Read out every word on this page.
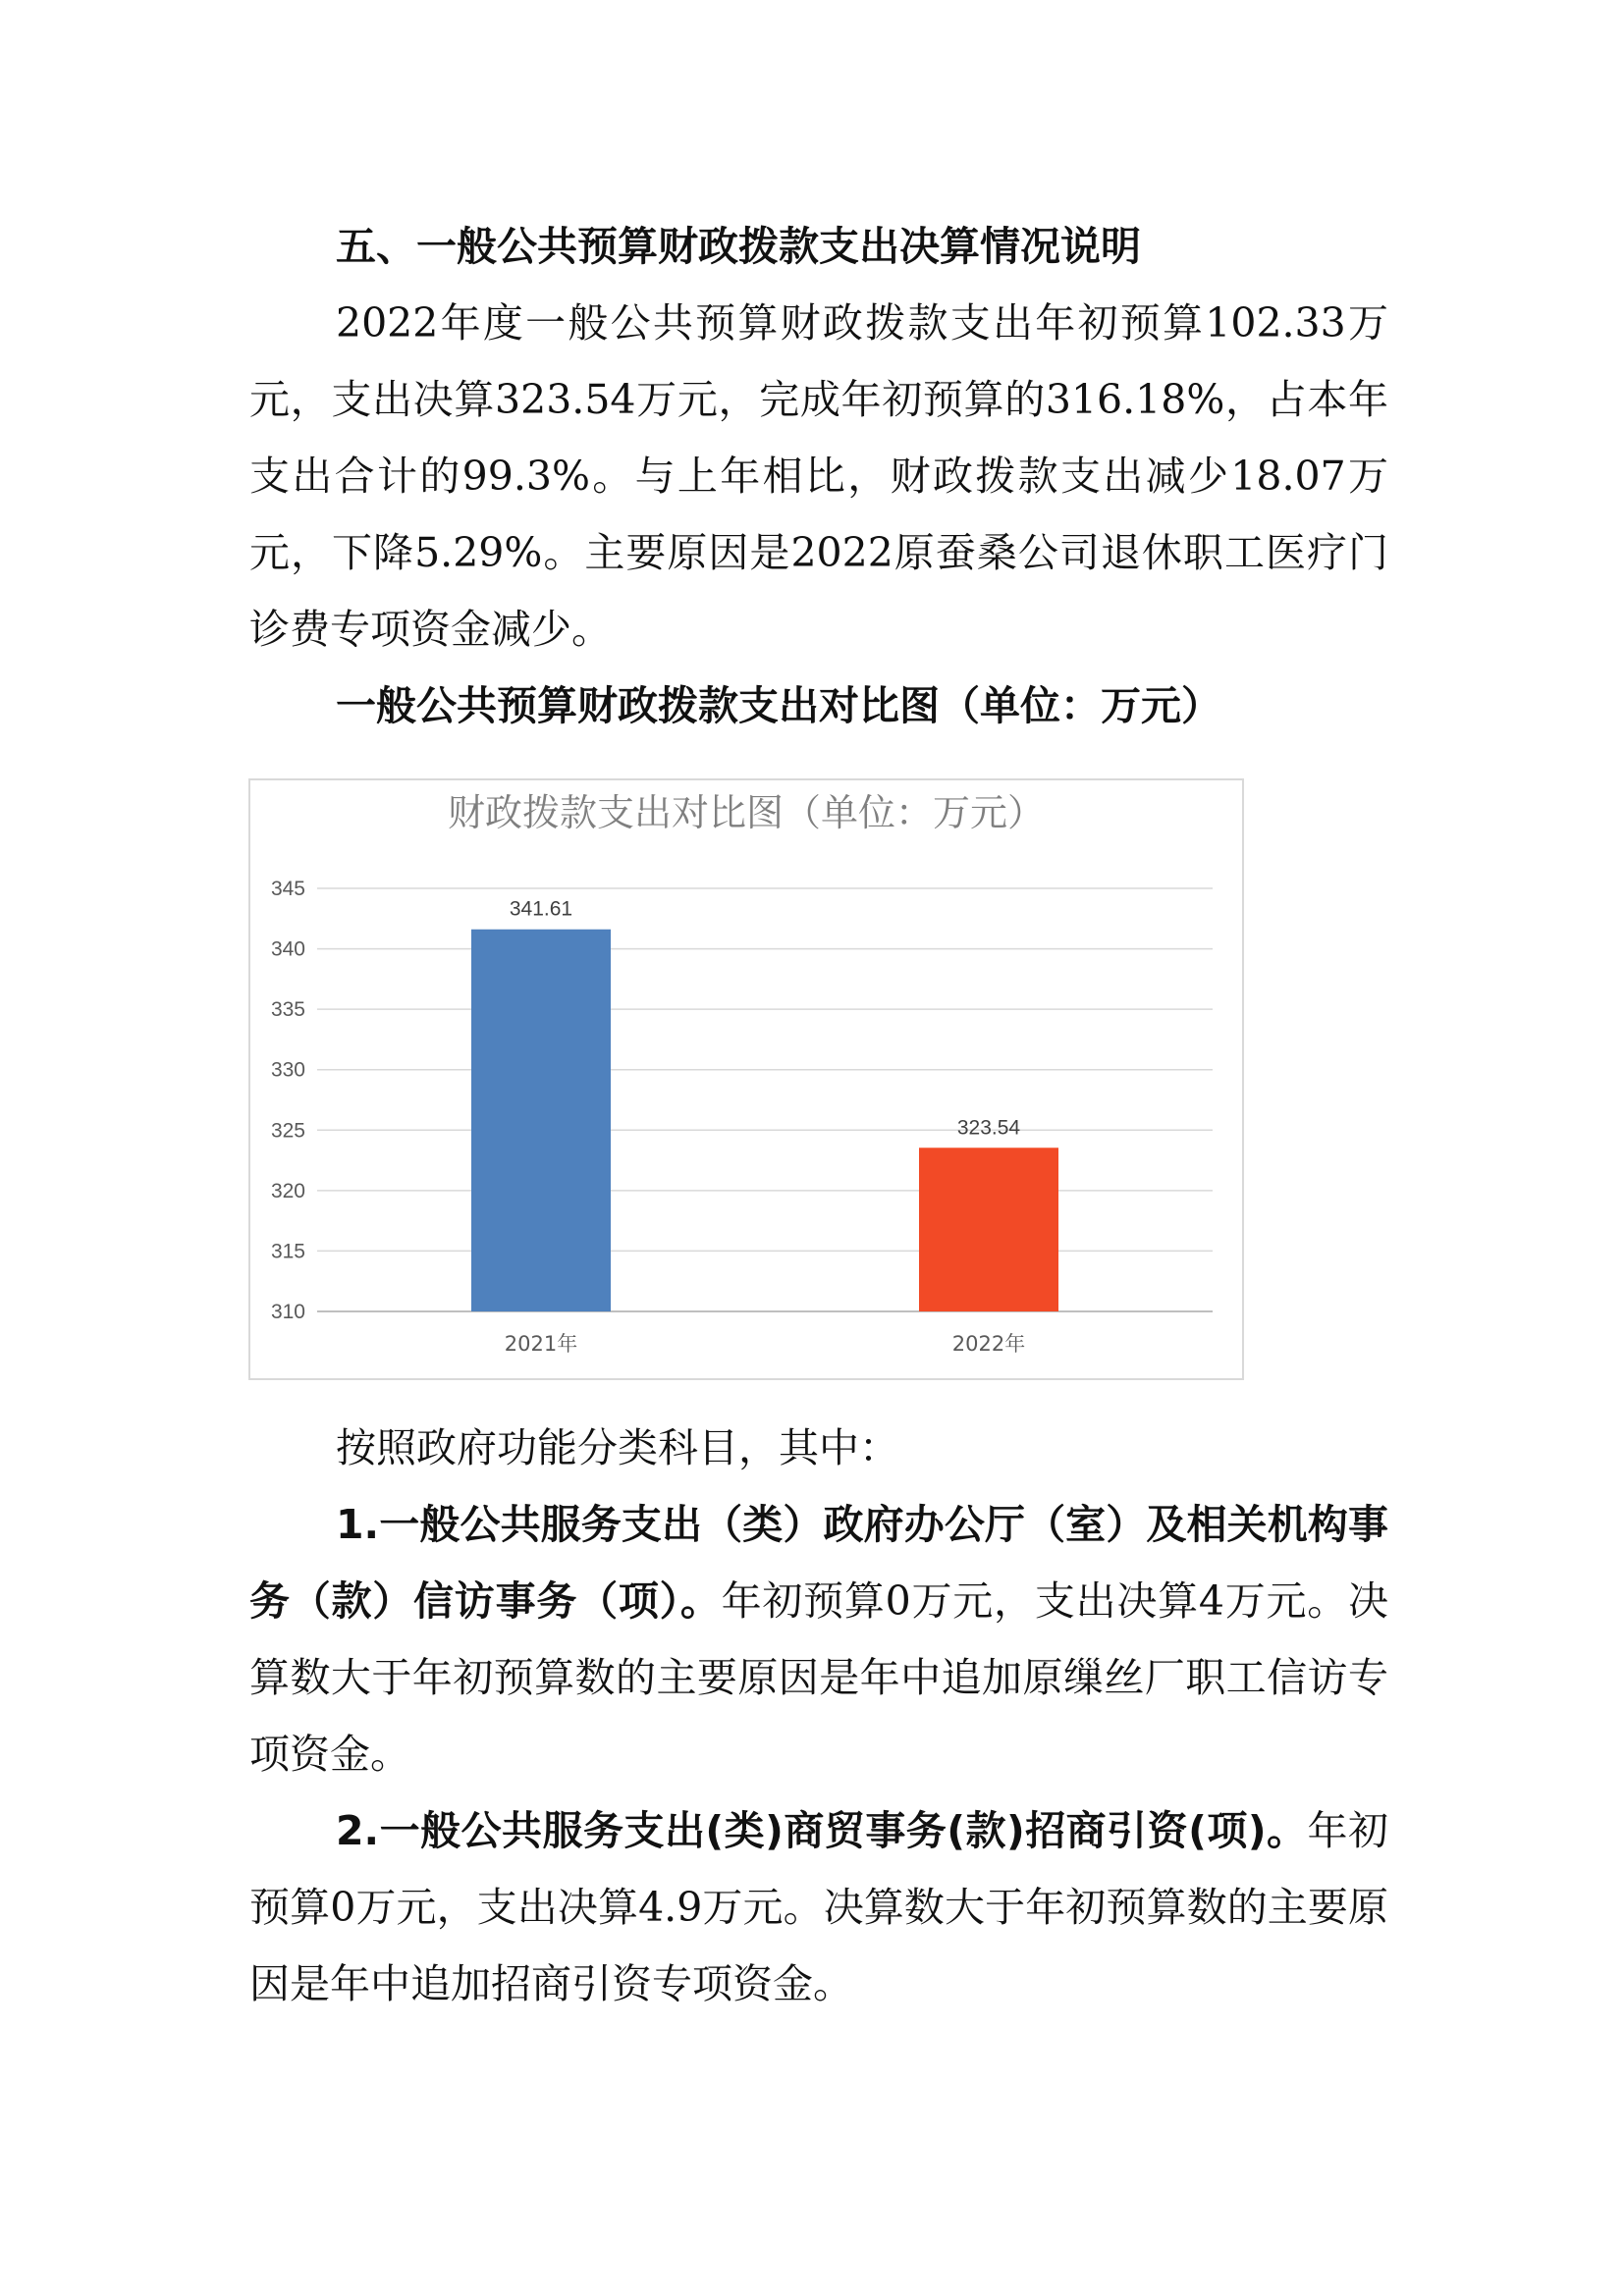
五、一般公共预算财政拨款支出决算情况说明

2022年度一般公共预算财政拨款支出年初预算102.33万元，支出决算323.54万元，完成年初预算的316.18%，占本年支出合计的99.3%。与上年相比，财政拨款支出减少18.07万元，下降5.29%。主要原因是2022原蚕桑公司退休职工医疗门诊费专项资金减少。

一般公共预算财政拨款支出对比图（单位：万元）

财政拨款支出对比图（单位：万元）
310
315
320
325
330
335
340
345
341.61
323.54
2021年	2022年

按照政府功能分类科目，其中：

1.一般公共服务支出（类）政府办公厅（室）及相关机构事务（款）信访事务（项）。年初预算0万元，支出决算4万元。决算数大于年初预算数的主要原因是年中追加原缫丝厂职工信访专项资金。

2.一般公共服务支出(类)商贸事务(款)招商引资(项)。年初预算0万元，支出决算4.9万元。决算数大于年初预算数的主要原因是年中追加招商引资专项资金。
